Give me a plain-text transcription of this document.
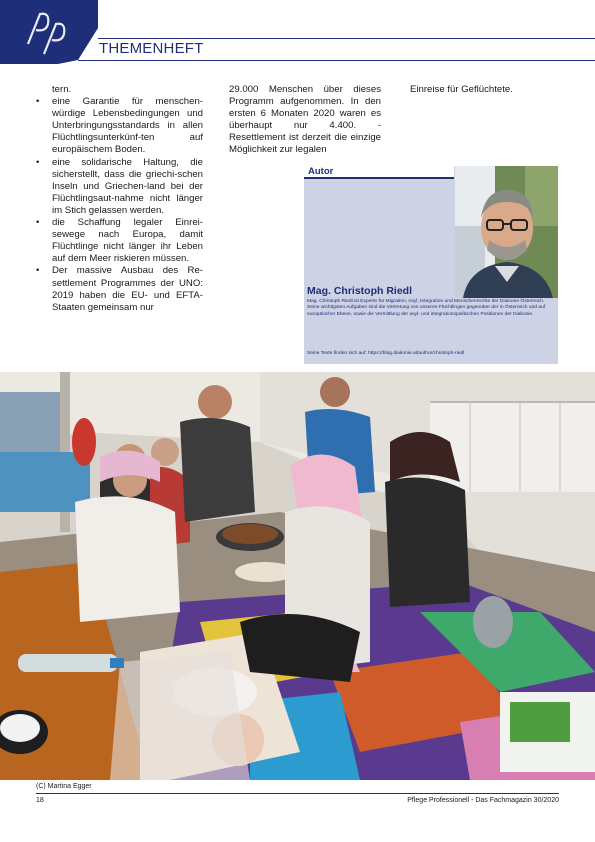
PP
THEMENHEFT

tern.

• eine Garantie für menschen-würdige Lebensbedingungen und Unterbringungsstandards in allen Flüchtlingsunterkünf-ten auf europäischem Boden.
• eine solidarische Haltung, die sicherstellt, dass die griechi-schen Inseln und Griechen-land bei der Flüchtlingsaut-nahme nicht länger im Stich gelassen werden.
• die Schaffung legaler Einrei-sewege nach Europa, damit Flüchtlinge nicht länger ihr Leben auf dem Meer riskieren müssen.
• Der massive Ausbau des Re-settlement Programmes der UNO: 2019 haben die EU- und EFTA-Staaten gemeinsam nur

29.000 Menschen über dieses Programm aufgenommen. In den ersten 6 Monaten 2020 waren es überhaupt nur 4.400. - Resettlement ist derzeit die einzige Möglichkeit zur legalen

Einreise für Geflüchtete.

Autor
Mag. Christoph Riedl
Mag. Christoph Riedl ist Experte für Migration, Asyl, Integration und Menschenrechte der Diakonie Österreich. Seine wichtigsten Aufgaben sind die Vertretung von unseren Flüchtlingen gegenüber der in Österreich und auf europäischer Ebene, sowie die Vermittlung der asyl- und integrationspolitischen Positionen der Diakonie.
Seine Texte finden sich auf: https://blog.diakonie.at/author/christoph-riedl
(C) Martina Egger
18	Pflege Professionell - Das Fachmagazin 30/2020
